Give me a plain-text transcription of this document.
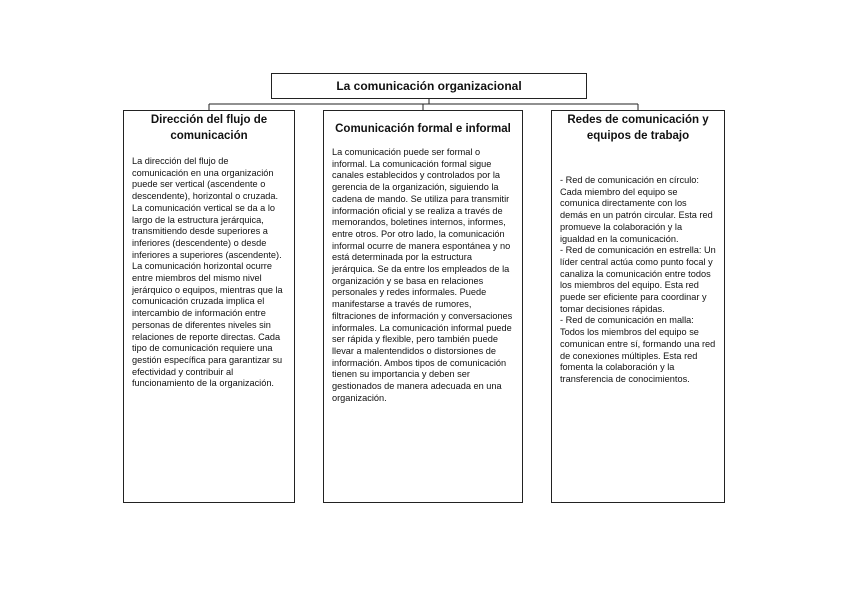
La comunicación organizacional
Dirección del flujo de comunicación
La dirección del flujo de comunicación en una organización puede ser vertical (ascendente o descendente), horizontal o cruzada. La comunicación vertical se da a lo largo de la estructura jerárquica, transmitiendo desde superiores a inferiores (descendente) o desde inferiores a superiores (ascendente). La comunicación horizontal ocurre entre miembros del mismo nivel jerárquico o equipos, mientras que la comunicación cruzada implica el intercambio de información entre personas de diferentes niveles sin relaciones de reporte directas. Cada tipo de comunicación requiere una gestión específica para garantizar su efectividad y contribuir al funcionamiento de la organización.
Comunicación formal e informal
La comunicación puede ser formal o informal. La comunicación formal sigue canales establecidos y controlados por la gerencia de la organización, siguiendo la cadena de mando. Se utiliza para transmitir información oficial y se realiza a través de memorandos, boletines internos, informes, entre otros. Por otro lado, la comunicación informal ocurre de manera espontánea y no está determinada por la estructura jerárquica. Se da entre los empleados de la organización y se basa en relaciones personales y redes informales. Puede manifestarse a través de rumores, filtraciones de información y conversaciones informales. La comunicación informal puede ser rápida y flexible, pero también puede llevar a malentendidos o distorsiones de información. Ambos tipos de comunicación tienen su importancia y deben ser gestionados de manera adecuada en una organización.
Redes de comunicación y equipos de trabajo
- Red de comunicación en círculo: Cada miembro del equipo se comunica directamente con los demás en un patrón circular. Esta red promueve la colaboración y la igualdad en la comunicación.
- Red de comunicación en estrella: Un líder central actúa como punto focal y canaliza la comunicación entre todos los miembros del equipo. Esta red puede ser eficiente para coordinar y tomar decisiones rápidas.
- Red de comunicación en malla: Todos los miembros del equipo se comunican entre sí, formando una red de conexiones múltiples. Esta red fomenta la colaboración y la transferencia de conocimientos.
